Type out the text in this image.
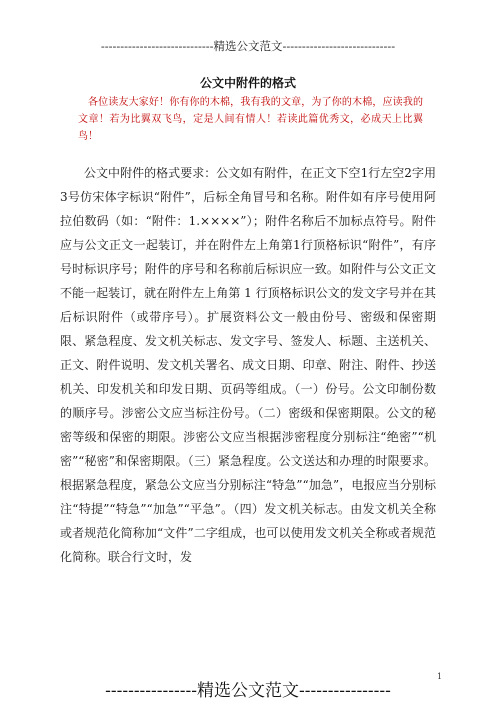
-----------------------------精选公文范文-----------------------------
公文中附件的格式

各位读友大家好！你有你的木棉，我有我的文章，为了你的木棉，应读我的文章！若为比翼双飞鸟，定是人间有情人！若读此篇优秀文，必成天上比翼鸟！

公文中附件的格式要求：公文如有附件，在正文下空1行左空2字用3号仿宋体字标识“附件”，后标全角冒号和名称。附件如有序号使用阿拉伯数码（如：“附件：1.××××”）；附件名称后不加标点符号。附件应与公文正文一起装订，并在附件左上角第1行顶格标识“附件”，有序号时标识序号；附件的序号和名称前后标识应一致。如附件与公文正文不能一起装订，就在附件左上角第 1 行顶格标识公文的发文字号并在其后标识附件（或带序号）。扩展资料公文一般由份号、密级和保密期限、紧急程度、发文机关标志、发文字号、签发人、标题、主送机关、正文、附件说明、发文机关署名、成文日期、印章、附注、附件、抄送机关、印发机关和印发日期、页码等组成。（一）份号。公文印制份数的顺序号。涉密公文应当标注份号。（二）密级和保密期限。公文的秘密等级和保密的期限。涉密公文应当根据涉密程度分别标注“绝密”“机密”“秘密”和保密期限。（三）紧急程度。公文送达和办理的时限要求。根据紧急程度，紧急公文应当分别标注“特急”“加急”，电报应当分别标注“特提”“特急”“加急”“平急”。（四）发文机关标志。由发文机关全称或者规范化简称加“文件”二字组成，也可以使用发文机关全称或者规范化简称。联合行文时，发

1
----------------精选公文范文----------------
